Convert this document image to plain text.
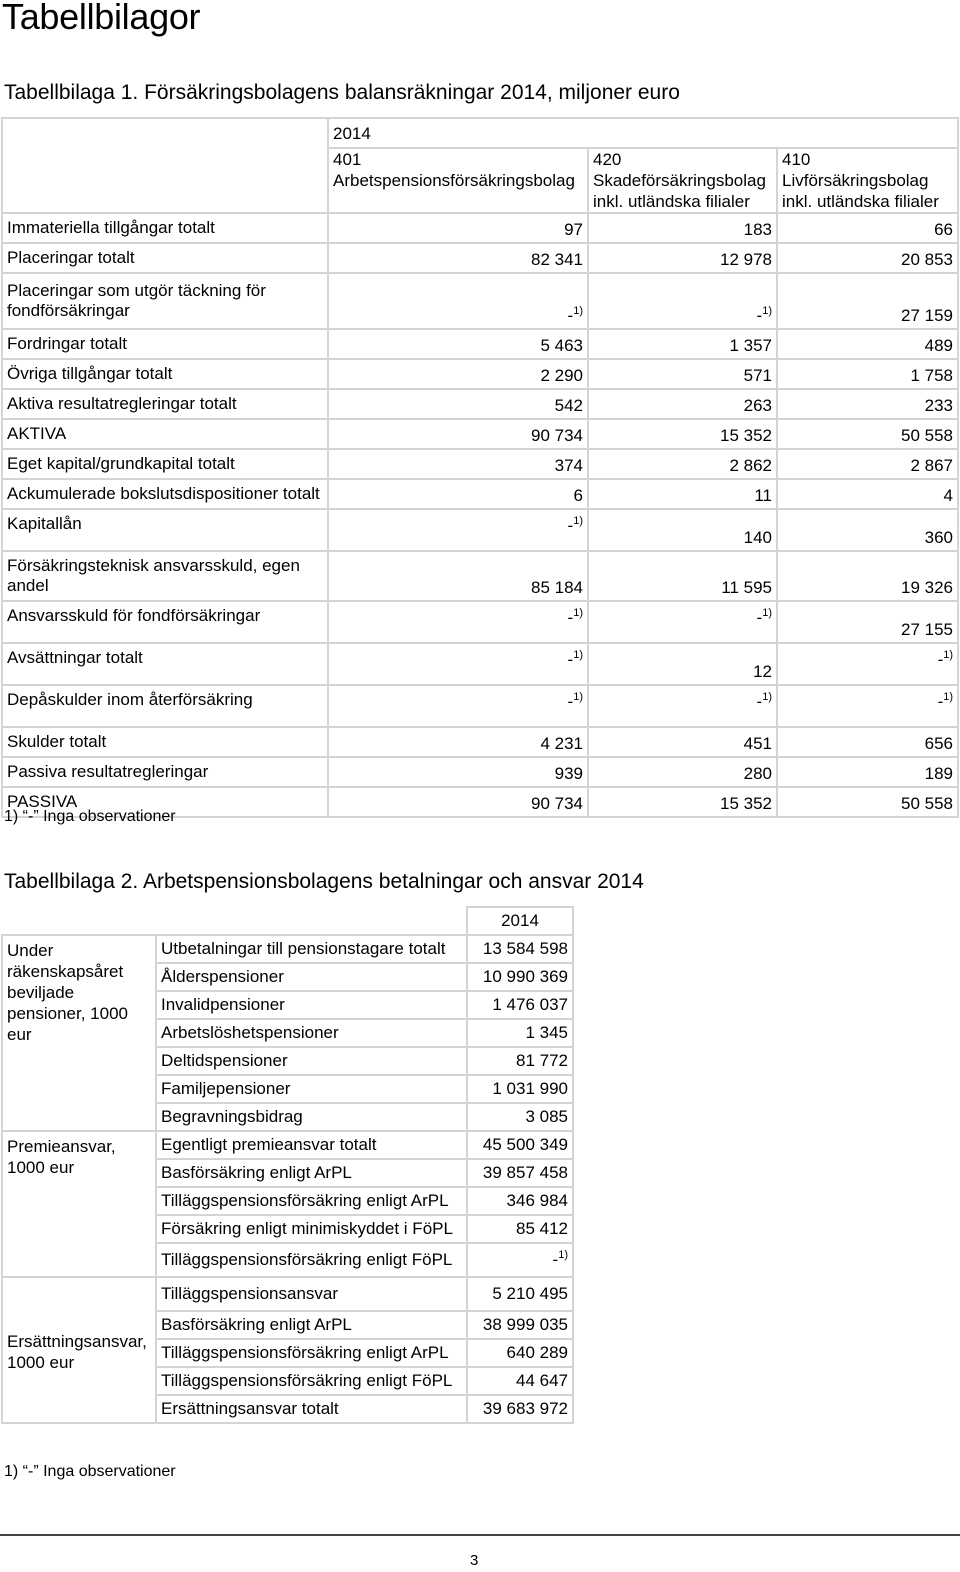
Tabellbilagor
Tabellbilaga 1. Försäkringsbolagens balansräkningar 2014, miljoner euro
	2014		
	401 Arbetspensionsförsäkringsbolag	420 Skadeförsäkringsbolag inkl. utländska filialer	410 Livförsäkringsbolag inkl. utländska filialer
Immateriella tillgångar totalt	97	183	66
Placeringar totalt	82 341	12 978	20 853
Placeringar som utgör täckning för fondförsäkringar	-$^{1)}$	-$^{1)}$	27 159
Fordringar totalt	5 463	1 357	489
Övriga tillgångar totalt	2 290	571	1 758
Aktiva resultatregleringar totalt	542	263	233
AKTIVA	90 734	15 352	50 558
Eget kapital/grundkapital totalt	374	2 862	2 867
Ackumulerade bokslutsdispositioner totalt	6	11	4
Kapitallån	-$^{1)}$	140	360
Försäkringsteknisk ansvarsskuld, egen andel	85 184	11 595	19 326
Ansvarsskuld för fondförsäkringar	-$^{1)}$	-$^{1)}$	27 155
Avsättningar totalt	-$^{1)}$	12	-$^{1)}$
Depåskulder inom återförsäkring	-$^{1)}$	-$^{1)}$	-$^{1)}$
Skulder totalt	4 231	451	656
Passiva resultatregleringar	939	280	189
PASSIVA	90 734	15 352	50 558
1) “-” Inga observationer
Tabellbilaga 2. Arbetspensionsbolagens betalningar och ansvar 2014
		2014
Under räkenskapsåret beviljade pensioner, 1000 eur	Utbetalningar till pensionstagare totalt	13 584 598
	Ålderspensioner	10 990 369
	Invalidpensioner	1 476 037
	Arbetslöshetspensioner	1 345
	Deltidspensioner	81 772
	Familjepensioner	1 031 990
	Begravningsbidrag	3 085
Premieansvar, 1000 eur	Egentligt premieansvar totalt	45 500 349
	Basförsäkring enligt ArPL	39 857 458
	Tilläggspensionsförsäkring enligt ArPL	346 984
	Försäkring enligt minimiskyddet i FöPL	85 412
	Tilläggspensionsförsäkring enligt FöPL	-$^{1)}$
Ersättningsansvar, 1000 eur	Tilläggspensionsansvar	5 210 495
	Basförsäkring enligt ArPL	38 999 035
	Tilläggspensionsförsäkring enligt ArPL	640 289
	Tilläggspensionsförsäkring enligt FöPL	44 647
	Ersättningsansvar totalt	39 683 972
1) “-” Inga observationer
3
